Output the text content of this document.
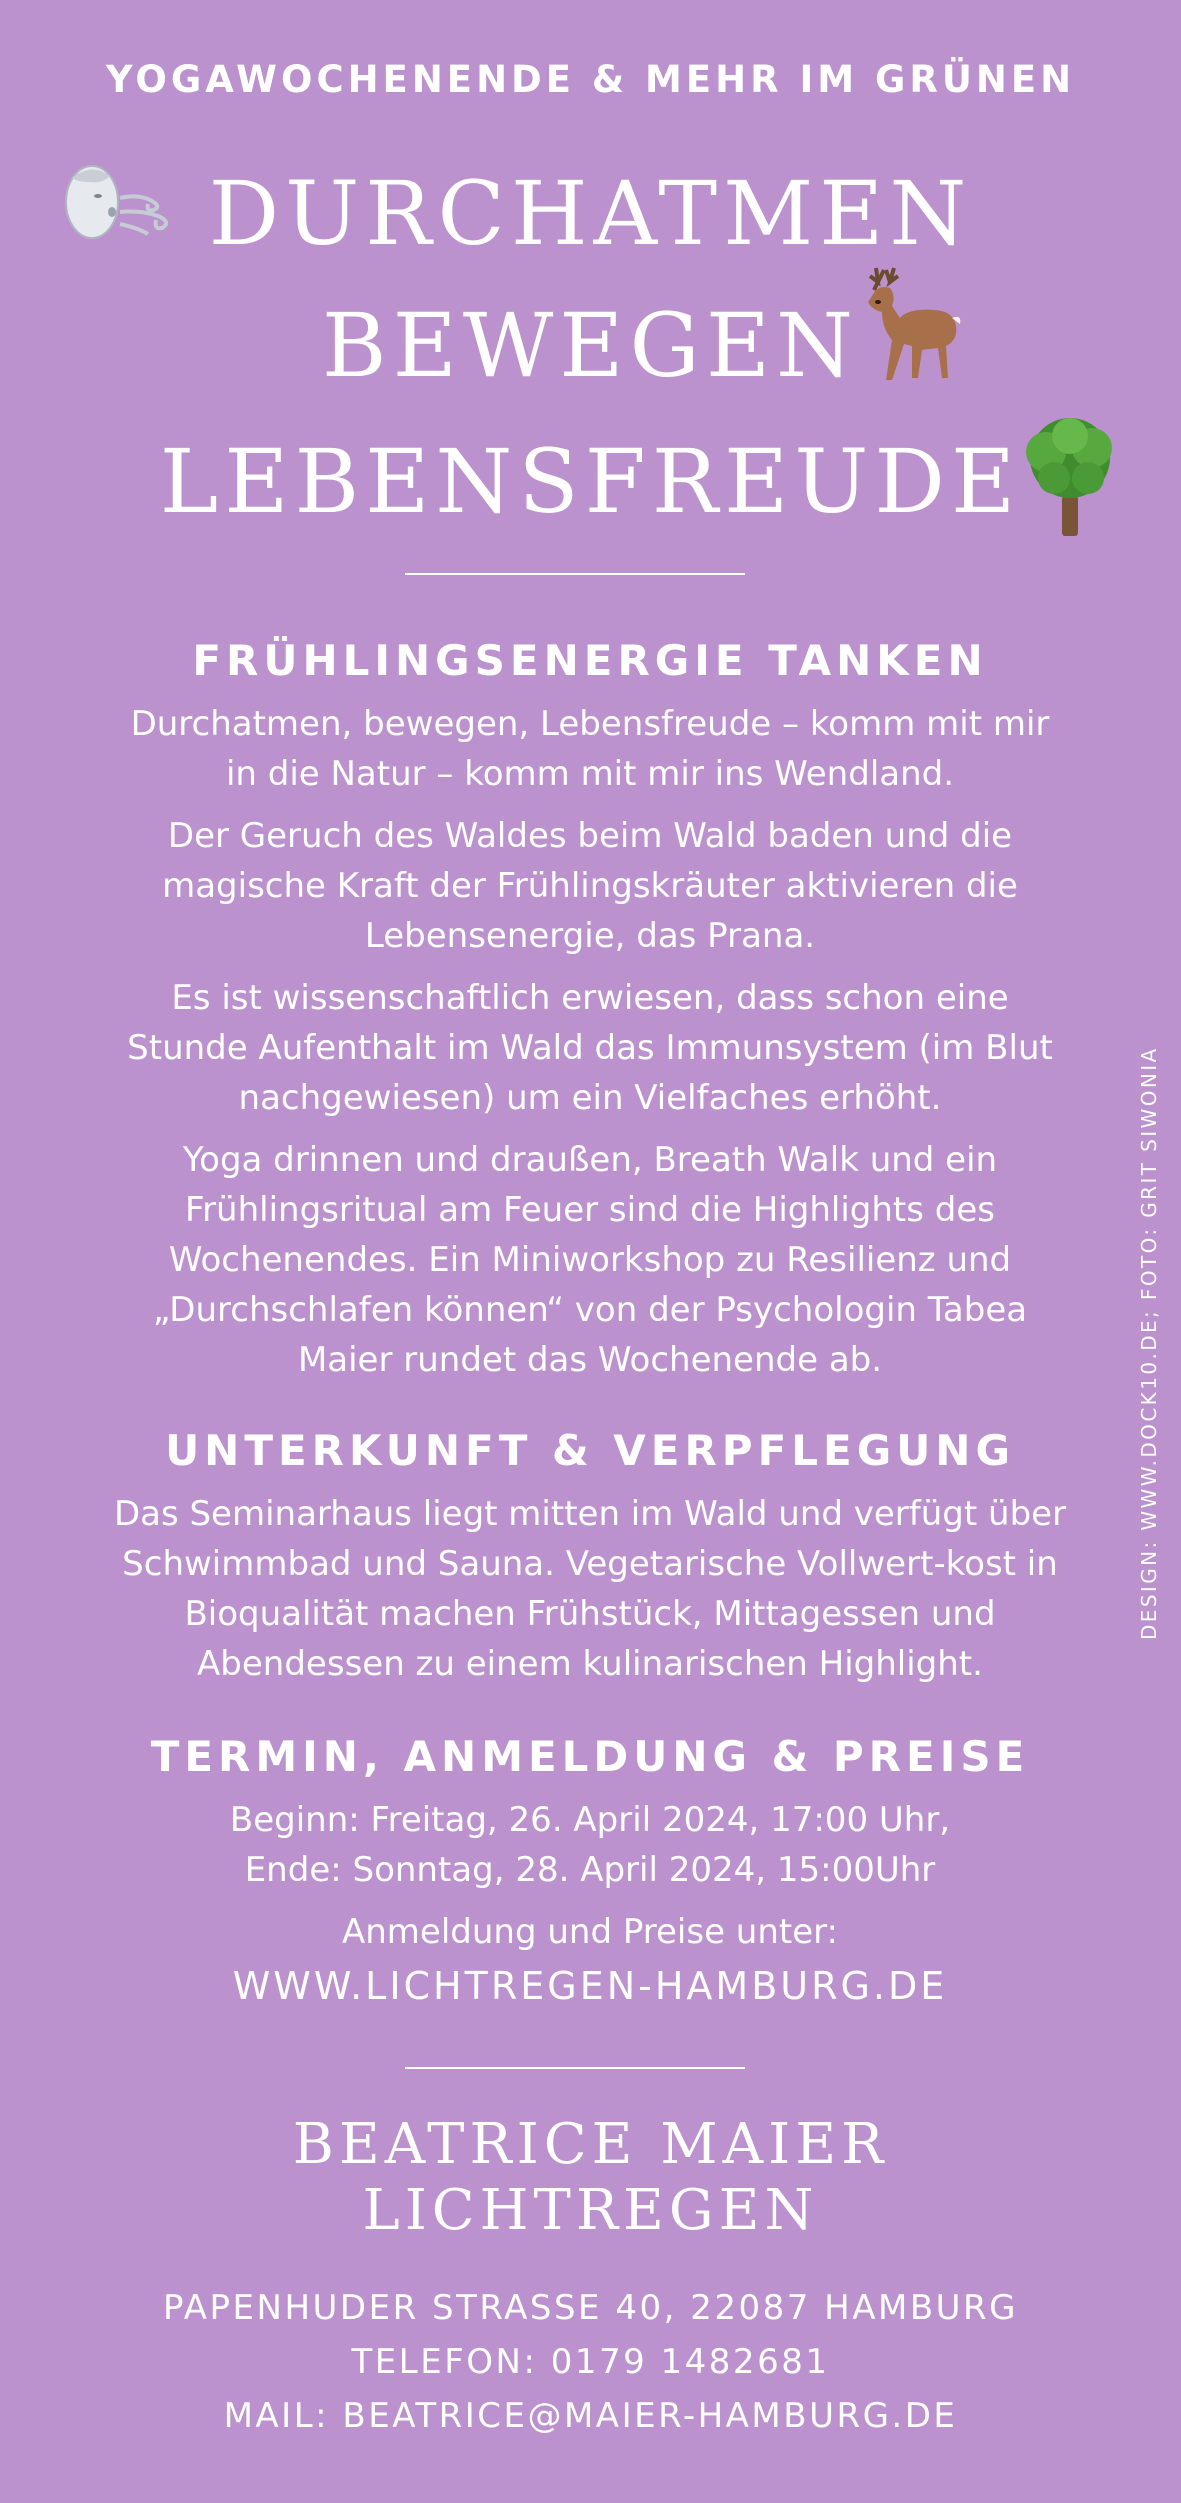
YOGAWOCHENENDE & MEHR IM GRÜNEN
DURCHATMEN
BEWEGEN
LEBENSFREUDE
FRÜHLINGSENERGIE TANKEN

Durchatmen, bewegen, Lebensfreude – komm mit mir in die Natur – komm mit mir ins Wendland.

Der Geruch des Waldes beim Wald baden und die magische Kraft der Frühlingskräuter aktivieren die Lebensenergie, das Prana.

Es ist wissenschaftlich erwiesen, dass schon eine Stunde Aufenthalt im Wald das Immunsystem (im Blut nachgewiesen) um ein Vielfaches erhöht.

Yoga drinnen und draußen, Breath Walk und ein Frühlingsritual am Feuer sind die Highlights des Wochenendes. Ein Miniworkshop zu Resilienz und „Durchschlafen können“ von der Psychologin Tabea Maier rundet das Wochenende ab.

UNTERKUNFT & VERPFLEGUNG

Das Seminarhaus liegt mitten im Wald und verfügt über Schwimmbad und Sauna. Vegetarische Vollwert-kost in Bioqualität machen Frühstück, Mittagessen und Abendessen zu einem kulinarischen Highlight.

TERMIN, ANMELDUNG & PREISE

Beginn: Freitag, 26. April 2024, 17:00 Uhr,

Ende: Sonntag, 28. April 2024, 15:00Uhr

Anmeldung und Preise unter:

WWW.LICHTREGEN-HAMBURG.DE

BEATRICE MAIER
LICHTREGEN
PAPENHUDER STRASSE 40, 22087 HAMBURG
TELEFON: 0179 1482681
MAIL: BEATRICE@MAIER-HAMBURG.DE
DESIGN: WWW.DOCK10.DE; FOTO: GRIT SIWONIA
